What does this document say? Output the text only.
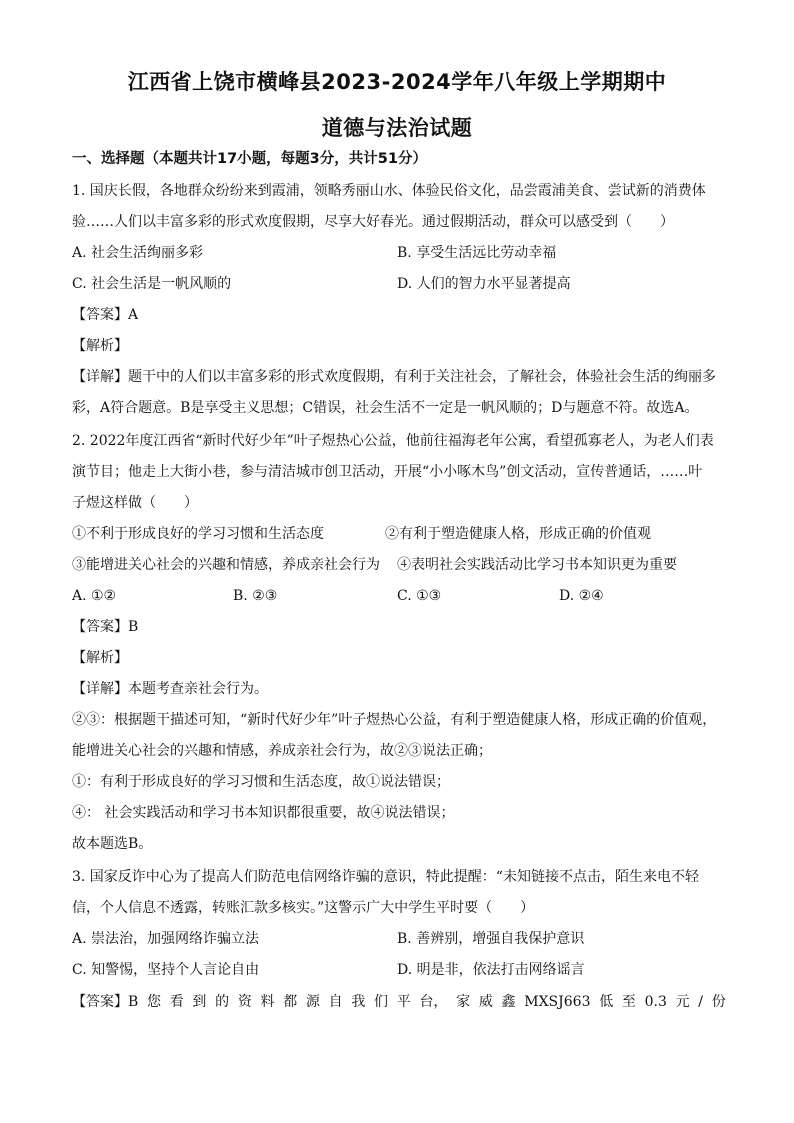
江西省上饶市横峰县2023-2024学年八年级上学期期中
道德与法治试题
一、选择题（本题共计17小题，每题3分，共计51分）
1. 国庆长假，各地群众纷纷来到霞浦，领略秀丽山水、体验民俗文化，品尝霞浦美食、尝试新的消费体
验……人们以丰富多彩的形式欢度假期，尽享大好春光。通过假期活动，群众可以感受到（　　）
A. 社会生活绚丽多彩	B. 享受生活远比劳动幸福
C. 社会生活是一帆风顺的	D. 人们的智力水平显著提高
【答案】A
【解析】
【详解】题干中的人们以丰富多彩的形式欢度假期，有利于关注社会，了解社会，体验社会生活的绚丽多
彩，A符合题意。B是享受主义思想；C错误，社会生活不一定是一帆风顺的；D与题意不符。故选A。
2. 2022年度江西省“新时代好少年”叶子煜热心公益，他前往福海老年公寓，看望孤寡老人，为老人们表
演节目；他走上大街小巷，参与清洁城市创卫活动，开展“小小啄木鸟”创文活动，宣传普通话，……叶
子煜这样做（　　）
①不利于形成良好的学习习惯和生活态度	②有利于塑造健康人格，形成正确的价值观
③能增进关心社会的兴趣和情感，养成亲社会行为 ④表明社会实践活动比学习书本知识更为重要
A. ①②	B. ②③	C. ①③	D. ②④
【答案】B
【解析】
【详解】本题考查亲社会行为。
②③：根据题干描述可知，“新时代好少年”叶子煜热心公益，有利于塑造健康人格，形成正确的价值观，
能增进关心社会的兴趣和情感，养成亲社会行为，故②③说法正确；
①：有利于形成良好的学习习惯和生活态度，故①说法错误；
④： 社会实践活动和学习书本知识都很重要，故④说法错误；
故本题选B。
3. 国家反诈中心为了提高人们防范电信网络诈骗的意识，特此提醒：“未知链接不点击，陌生来电不轻
信，个人信息不透露，转账汇款多核实。”这警示广大中学生平时要（　　）
A. 崇法治，加强网络诈骗立法	B. 善辨别，增强自我保护意识
C. 知警惕，坚持个人言论自由	D. 明是非，依法打击网络谣言
【答案】B 您 看 到 的 资 料 都 源 自 我 们 平 台， 家 威 鑫 MXSJ663 低 至 0.3 元 / 份
